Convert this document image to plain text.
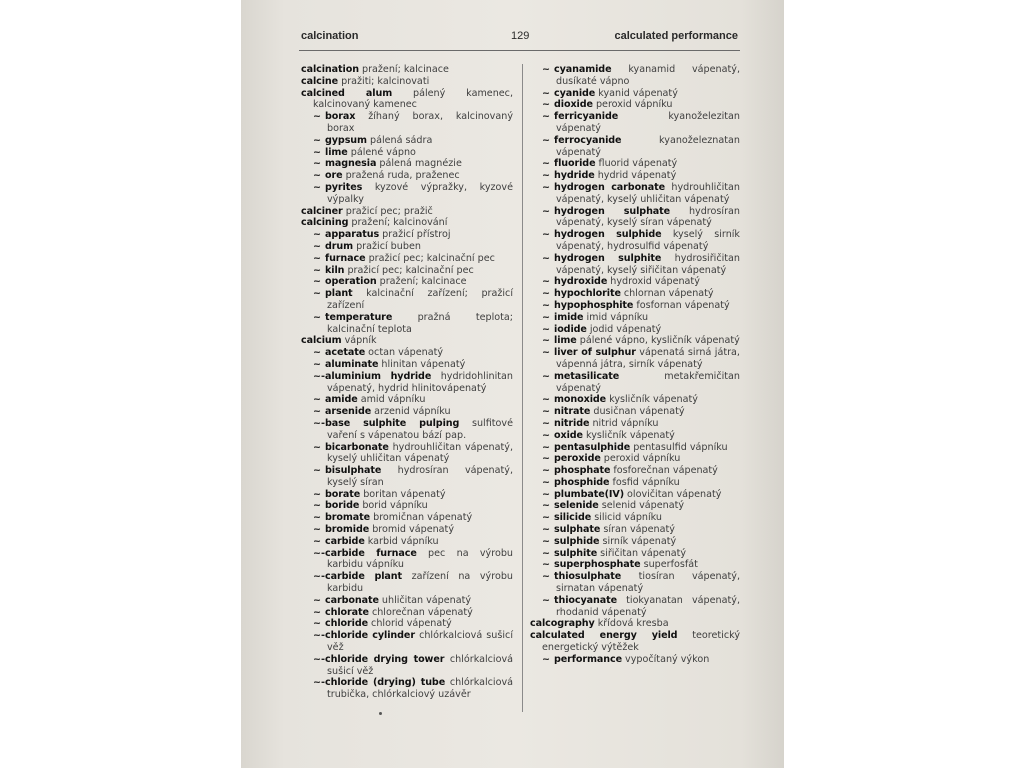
calcination	129	calculated performance

calcination pražení; kalcinace

calcine pražiti; kalcinovati

calcined alum pálený kamenec, kalcinovaný kamenec

~ borax žíhaný borax, kalcinovaný borax

~ gypsum pálená sádra

~ lime pálené vápno

~ magnesia pálená magnézie

~ ore pražená ruda, praženec

~ pyrites kyzové výpražky, kyzové výpalky

calciner pražicí pec; pražič

calcining pražení; kalcinování

~ apparatus pražicí přístroj

~ drum pražicí buben

~ furnace pražicí pec; kalcinační pec

~ kiln pražicí pec; kalcinační pec

~ operation pražení; kalcinace

~ plant kalcinační zařízení; pražicí zařízení

~ temperature pražná teplota; kalcinační teplota

calcium vápník

~ acetate octan vápenatý

~ aluminate hlinitan vápenatý

~-aluminium hydride hydridohlinitan vápenatý, hydrid hlinitovápenatý

~ amide amid vápníku

~ arsenide arzenid vápníku

~-base sulphite pulping sulfitové vaření s vápenatou bází pap.

~ bicarbonate hydrouhličitan vápenatý, kyselý uhličitan vápenatý

~ bisulphate hydrosíran vápenatý, kyselý síran

~ borate boritan vápenatý

~ boride borid vápníku

~ bromate bromičnan vápenatý

~ bromide bromid vápenatý

~ carbide karbid vápníku

~-carbide furnace pec na výrobu karbidu vápníku

~-carbide plant zařízení na výrobu karbidu

~ carbonate uhličitan vápenatý

~ chlorate chlorečnan vápenatý

~ chloride chlorid vápenatý

~-chloride cylinder chlórkalciová sušicí věž

~-chloride drying tower chlórkalciová sušicí věž

~-chloride (drying) tube chlórkalciová trubička, chlórkalciový uzávěr

~ cyanamide kyanamid vápenatý, dusíkaté vápno

~ cyanide kyanid vápenatý

~ dioxide peroxid vápníku

~ ferricyanide kyanoželezitan vápenatý

~ ferrocyanide kyanoželeznatan vápenatý

~ fluoride fluorid vápenatý

~ hydride hydrid vápenatý

~ hydrogen carbonate hydrouhličitan vápenatý, kyselý uhličitan vápenatý

~ hydrogen sulphate hydrosíran vápenatý, kyselý síran vápenatý

~ hydrogen sulphide kyselý sirník vápenatý, hydrosulfid vápenatý

~ hydrogen sulphite hydrosiřičitan vápenatý, kyselý siřičitan vápenatý

~ hydroxide hydroxid vápenatý

~ hypochlorite chlornan vápenatý

~ hypophosphite fosfornan vápenatý

~ imide imid vápníku

~ iodide jodid vápenatý

~ lime pálené vápno, kysličník vápenatý

~ liver of sulphur vápenatá sirná játra, vápenná játra, sirník vápenatý

~ metasilicate metakřemičitan vápenatý

~ monoxide kysličník vápenatý

~ nitrate dusičnan vápenatý

~ nitride nitrid vápníku

~ oxide kysličník vápenatý

~ pentasulphide pentasulfid vápníku

~ peroxide peroxid vápníku

~ phosphate fosforečnan vápenatý

~ phosphide fosfid vápníku

~ plumbate(IV) olovičitan vápenatý

~ selenide selenid vápenatý

~ silicide silicid vápníku

~ sulphate síran vápenatý

~ sulphide sirník vápenatý

~ sulphite siřičitan vápenatý

~ superphosphate superfosfát

~ thiosulphate tiosíran vápenatý, sirnatan vápenatý

~ thiocyanate tiokyanatan vápenatý, rhodanid vápenatý

calcography křídová kresba

calculated energy yield teoretický energetický výtěžek

~ performance vypočítaný výkon
